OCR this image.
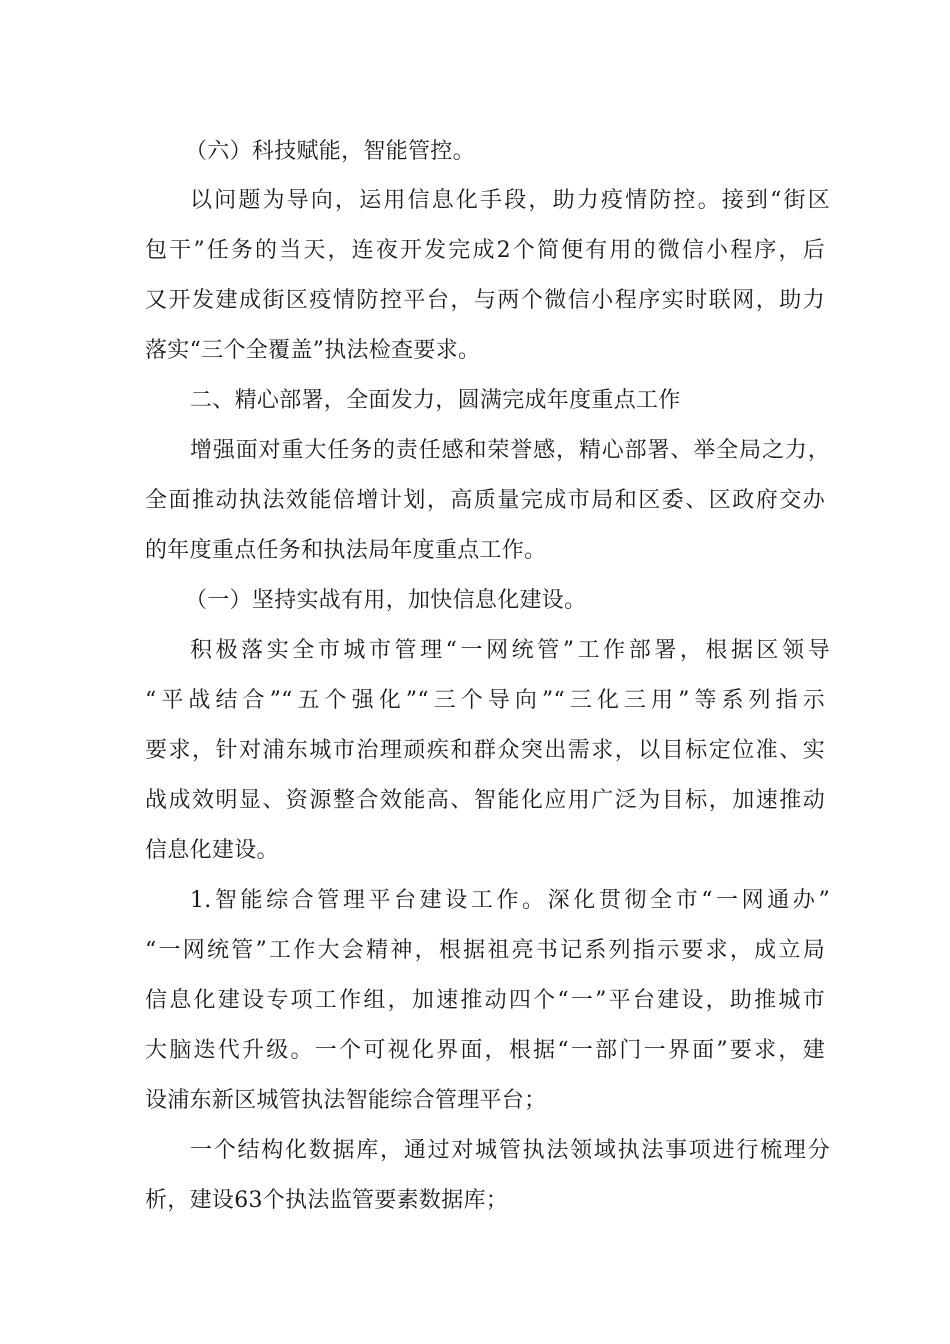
（六）科技赋能，智能管控。
以问题为导向，运用信息化手段，助力疫情防控。接到“街区
包干”任务的当天，连夜开发完成2个简便有用的微信小程序，后
又开发建成街区疫情防控平台，与两个微信小程序实时联网，助力
落实“三个全覆盖”执法检查要求。
二、精心部署，全面发力，圆满完成年度重点工作
增强面对重大任务的责任感和荣誉感，精心部署、举全局之力，
全面推动执法效能倍增计划，高质量完成市局和区委、区政府交办
的年度重点任务和执法局年度重点工作。
（一）坚持实战有用，加快信息化建设。
积极落实全市城市管理“一网统管”工作部署，根据区领导
“平战结合”“五个强化”“三个导向”“三化三用”等系列指示
要求，针对浦东城市治理顽疾和群众突出需求，以目标定位准、实
战成效明显、资源整合效能高、智能化应用广泛为目标，加速推动
信息化建设。
1.智能综合管理平台建设工作。深化贯彻全市“一网通办”
“一网统管”工作大会精神，根据祖亮书记系列指示要求，成立局
信息化建设专项工作组，加速推动四个“一”平台建设，助推城市
大脑迭代升级。一个可视化界面，根据“一部门一界面”要求，建
设浦东新区城管执法智能综合管理平台；
一个结构化数据库，通过对城管执法领域执法事项进行梳理分
析，建设63个执法监管要素数据库；
